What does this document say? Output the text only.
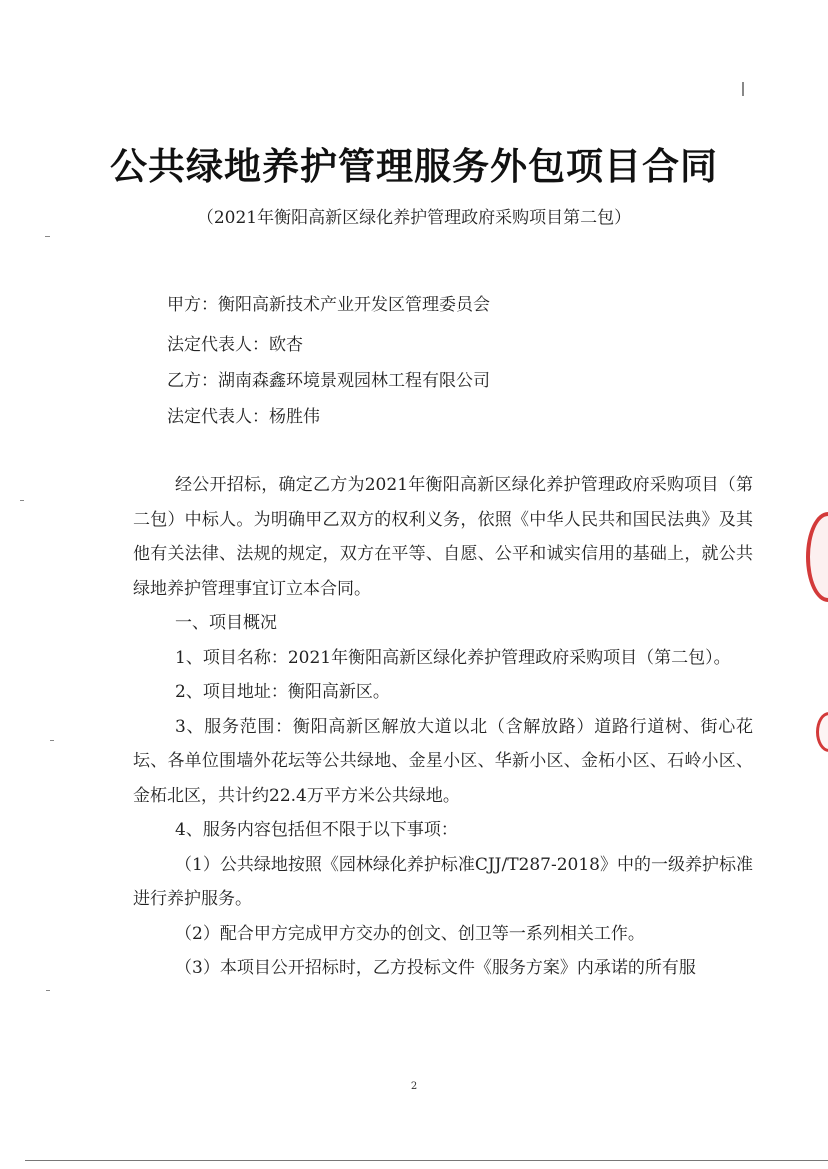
公共绿地养护管理服务外包项目合同
（2021年衡阳高新区绿化养护管理政府采购项目第二包）
甲方：衡阳高新技术产业开发区管理委员会
法定代表人：欧杏
乙方：湖南森鑫环境景观园林工程有限公司
法定代表人：杨胜伟

经公开招标，确定乙方为2021年衡阳高新区绿化养护管理政府采购项目（第二包）中标人。为明确甲乙双方的权利义务，依照《中华人民共和国民法典》及其他有关法律、法规的规定，双方在平等、自愿、公平和诚实信用的基础上，就公共绿地养护管理事宜订立本合同。

一、项目概况

1、项目名称：2021年衡阳高新区绿化养护管理政府采购项目（第二包）。

2、项目地址：衡阳高新区。

3、服务范围：衡阳高新区解放大道以北（含解放路）道路行道树、街心花坛、各单位围墙外花坛等公共绿地、金星小区、华新小区、金柘小区、石岭小区、金柘北区，共计约22.4万平方米公共绿地。

4、服务内容包括但不限于以下事项：

（1）公共绿地按照《园林绿化养护标准CJJ/T287-2018》中的一级养护标准进行养护服务。

（2）配合甲方完成甲方交办的创文、创卫等一系列相关工作。

（3）本项目公开招标时，乙方投标文件《服务方案》内承诺的所有服

2
